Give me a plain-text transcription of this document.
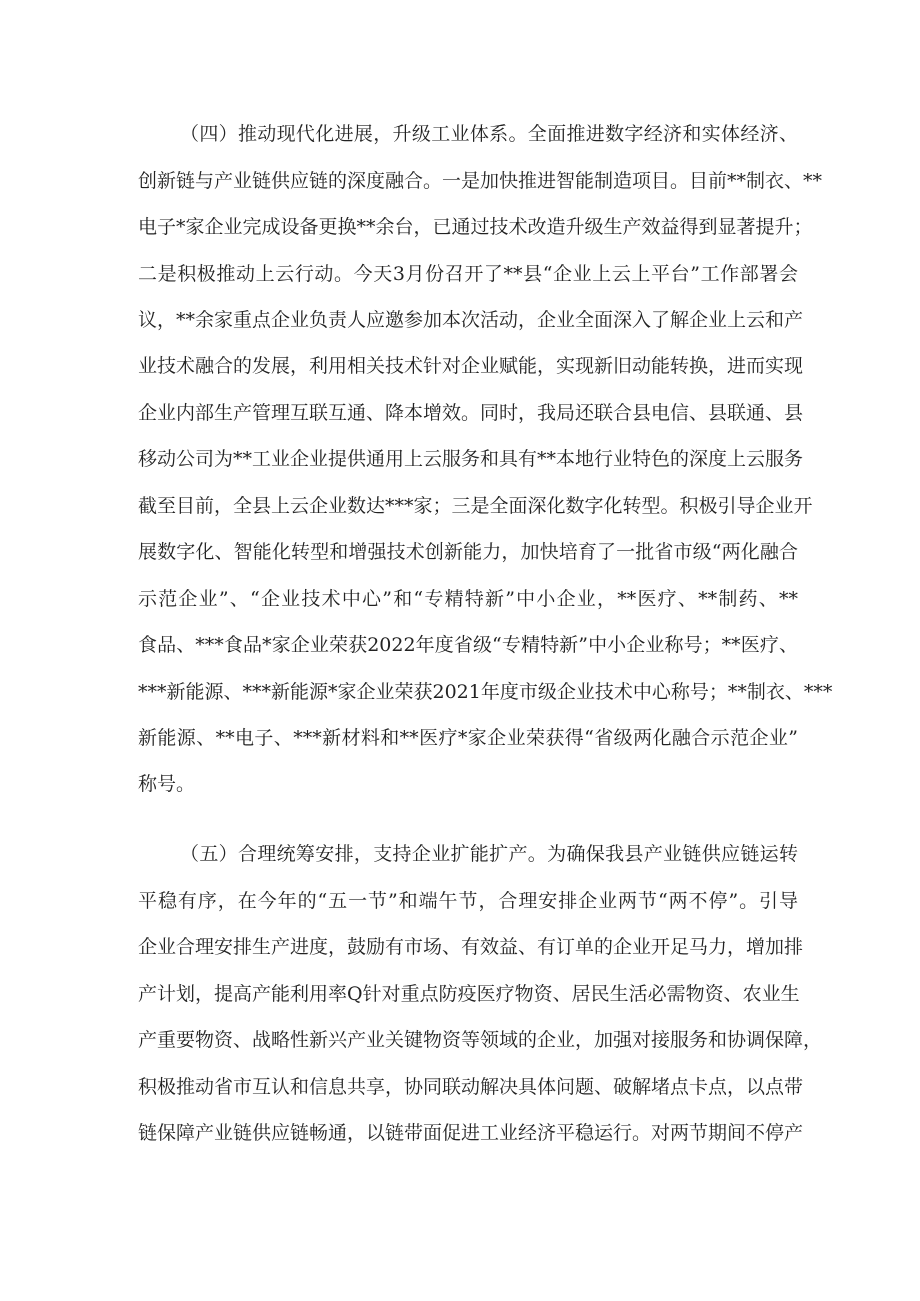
（四）推动现代化进展，升级工业体系。全面推进数字经济和实体经济、
创新链与产业链供应链的深度融合。一是加快推进智能制造项目。目前**制衣、**
电子*家企业完成设备更换**余台，已通过技术改造升级生产效益得到显著提升；
二是积极推动上云行动。今天3月份召开了**县“企业上云上平台”工作部署会
议，**余家重点企业负责人应邀参加本次活动，企业全面深入了解企业上云和产
业技术融合的发展，利用相关技术针对企业赋能，实现新旧动能转换，进而实现
企业内部生产管理互联互通、降本增效。同时，我局还联合县电信、县联通、县
移动公司为**工业企业提供通用上云服务和具有**本地行业特色的深度上云服务
截至目前，全县上云企业数达***家；三是全面深化数字化转型。积极引导企业开
展数字化、智能化转型和增强技术创新能力，加快培育了一批省市级“两化融合
示范企业”、“企业技术中心”和“专精特新”中小企业，**医疗、**制药、**
食品、***食品*家企业荣获2022年度省级“专精特新”中小企业称号；**医疗、
***新能源、***新能源*家企业荣获2021年度市级企业技术中心称号；**制衣、***
新能源、**电子、***新材料和**医疗*家企业荣获得“省级两化融合示范企业”
称号。
（五）合理统筹安排，支持企业扩能扩产。为确保我县产业链供应链运转
平稳有序，在今年的“五一节”和端午节，合理安排企业两节“两不停”。引导
企业合理安排生产进度，鼓励有市场、有效益、有订单的企业开足马力，增加排
产计划，提高产能利用率Q针对重点防疫医疗物资、居民生活必需物资、农业生
产重要物资、战略性新兴产业关键物资等领域的企业，加强对接服务和协调保障，
积极推动省市互认和信息共享，协同联动解决具体问题、破解堵点卡点，以点带
链保障产业链供应链畅通，以链带面促进工业经济平稳运行。对两节期间不停产
